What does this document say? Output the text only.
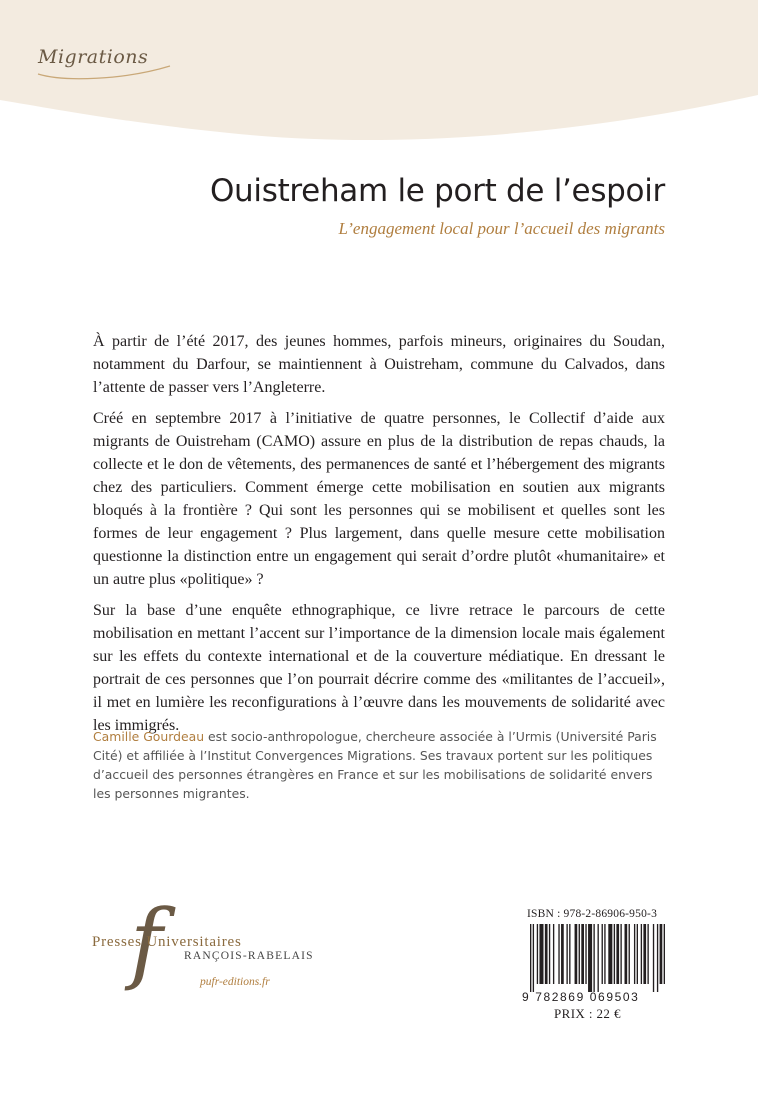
Migrations
Ouistreham le port de l’espoir
L’engagement local pour l’accueil des migrants

À partir de l’été 2017, des jeunes hommes, parfois mineurs, originaires du Soudan, notamment du Darfour, se maintiennent à Ouistreham, commune du Calvados, dans l’attente de passer vers l’Angleterre.

Créé en septembre 2017 à l’initiative de quatre personnes, le Collectif d’aide aux migrants de Ouistreham (CAMO) assure en plus de la distribution de repas chauds, la collecte et le don de vêtements, des permanences de santé et l’hébergement des migrants chez des particuliers. Comment émerge cette mobilisation en soutien aux migrants bloqués à la frontière ? Qui sont les personnes qui se mobilisent et quelles sont les formes de leur engagement ? Plus largement, dans quelle mesure cette mobilisation questionne la distinction entre un engagement qui serait d’ordre plutôt «humanitaire» et un autre plus «politique» ?

Sur la base d’une enquête ethnographique, ce livre retrace le parcours de cette mobilisation en mettant l’accent sur l’importance de la dimension locale mais également sur les effets du contexte international et de la couverture médiatique. En dressant le portrait de ces personnes que l’on pourrait décrire comme des «militantes de l’accueil», il met en lumière les reconfigurations à l’œuvre dans les mouvements de solidarité avec les immigrés.

Camille Gourdeau est socio-anthropologue, chercheure associée à l’Urmis (Université Paris Cité) et affiliée à l’Institut Convergences Migrations. Ses travaux portent sur les politiques d’accueil des personnes étrangères en France et sur les mobilisations de solidarité envers les personnes migrantes.
f
Presses Universitaires
RANÇOIS-RABELAIS
pufr-editions.fr
ISBN : 978-2-86906-950-3
9 782869 069503
PRIX : 22 €
